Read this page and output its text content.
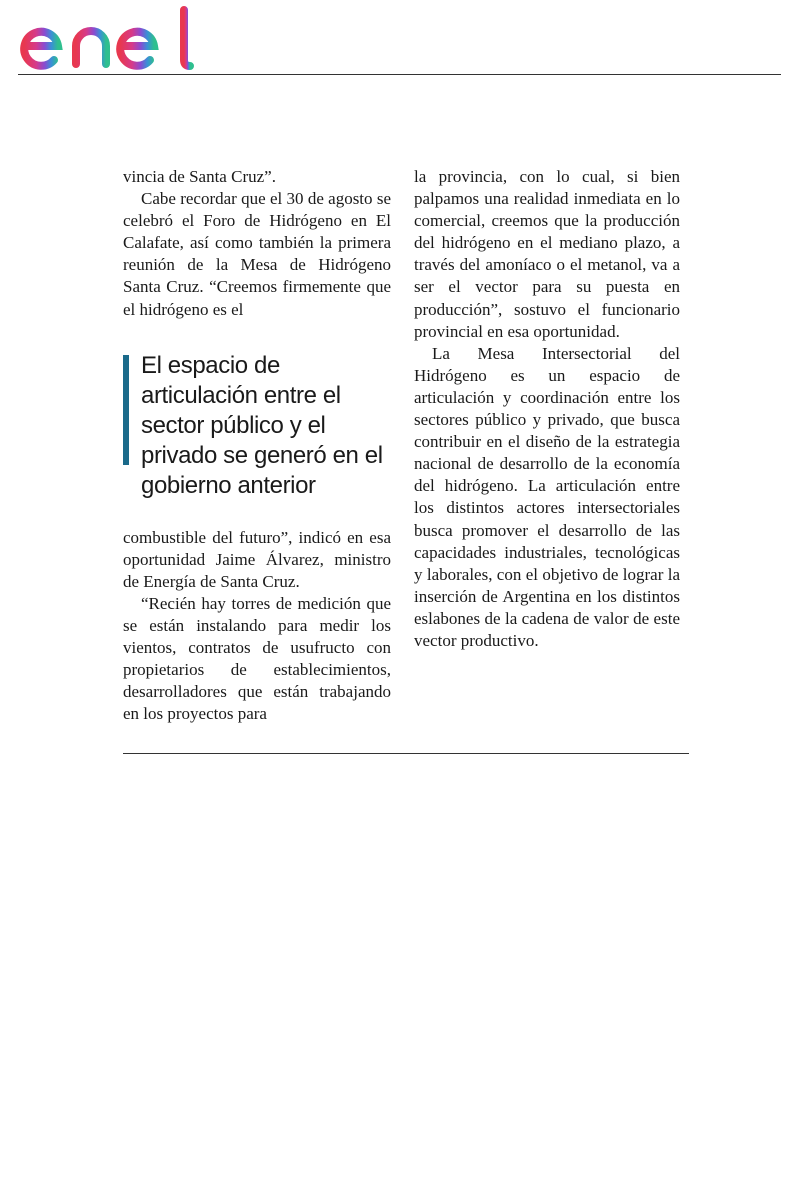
vincia de Santa Cruz”.

Cabe recordar que el 30 de agosto se celebró el Foro de Hidrógeno en El Calafate, así como también la primera reunión de la Mesa de Hidrógeno Santa Cruz. “Creemos firmemente que el hidrógeno es el

El espacio de articulación entre el sector público y el privado se generó en el gobierno anterior

combustible del futuro”, indicó en esa oportunidad Jaime Álvarez, ministro de Energía de Santa Cruz.

“Recién hay torres de medición que se están instalando para medir los vientos, contratos de usufructo con propietarios de establecimientos, desarrolladores que están trabajando en los proyectos para

la provincia, con lo cual, si bien palpamos una realidad inmediata en lo comercial, creemos que la producción del hidrógeno en el mediano plazo, a través del amoníaco o el metanol, va a ser el vector para su puesta en producción”, sostuvo el funcionario provincial en esa oportunidad.

La Mesa Intersectorial del Hidrógeno es un espacio de articulación y coordinación entre los sectores público y privado, que busca contribuir en el diseño de la estrategia nacional de desarrollo de la economía del hidrógeno. La articulación entre los distintos actores intersectoriales busca promover el desarrollo de las capacidades industriales, tecnológicas y laborales, con el objetivo de lograr la inserción de Argentina en los distintos eslabones de la cadena de valor de este vector productivo.
